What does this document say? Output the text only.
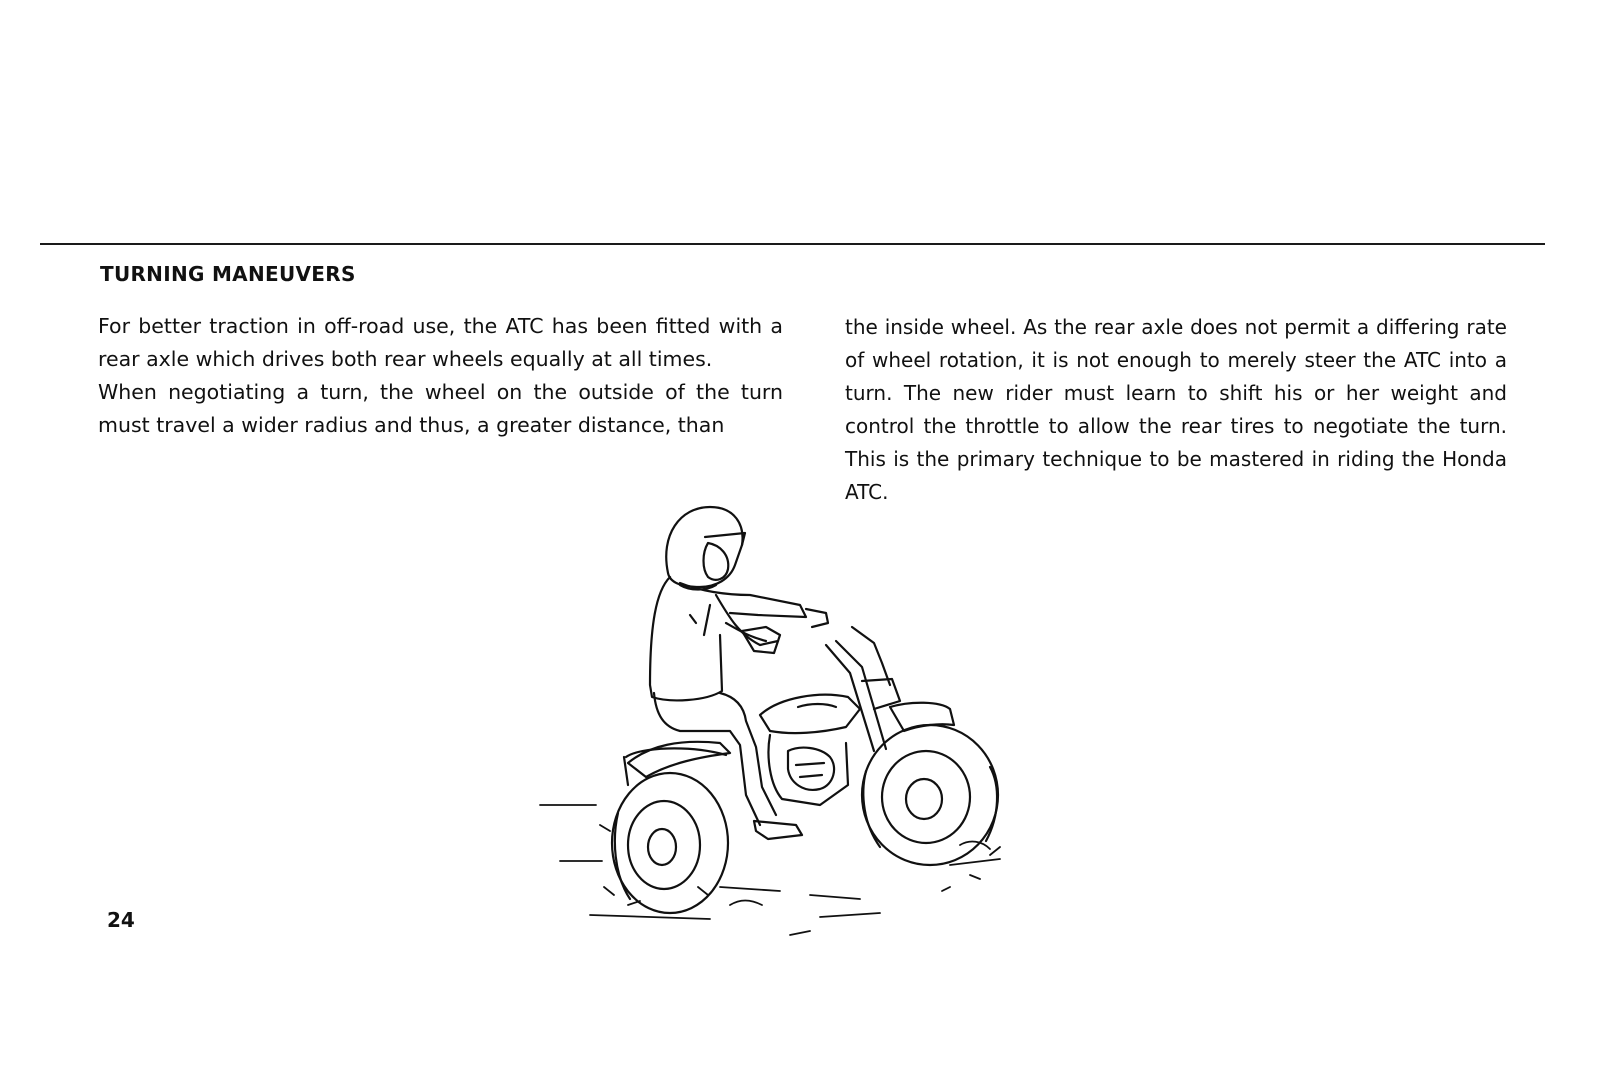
TURNING MANEUVERS

For better traction in off-road use, the ATC has been fitted with a rear axle which drives both rear wheels equally at all times.

When negotiating a turn, the wheel on the outside of the turn must travel a wider radius and thus, a greater distance, than

the inside wheel. As the rear axle does not permit a differing rate of wheel rotation, it is not enough to merely steer the ATC into a turn. The new rider must learn to shift his or her weight and control the throttle to allow the rear tires to negotiate the turn. This is the primary technique to be mastered in riding the Honda ATC.

24
